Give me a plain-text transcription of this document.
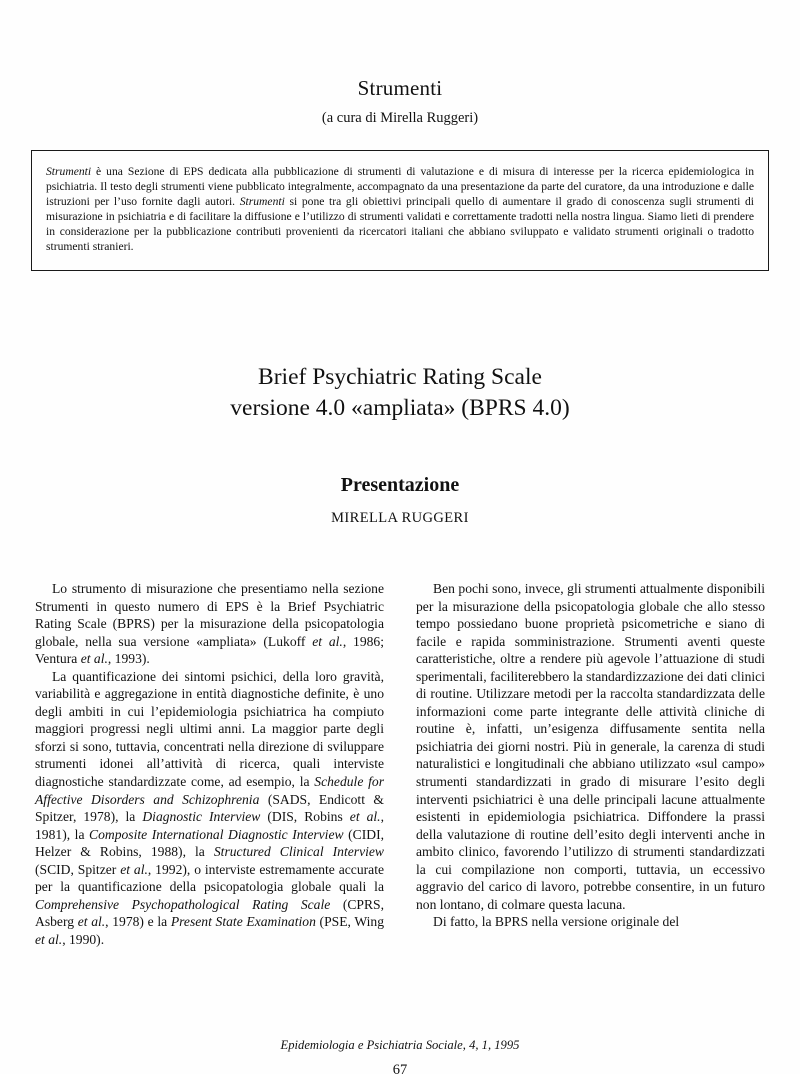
Strumenti
(a cura di Mirella Ruggeri)

Strumenti è una Sezione di EPS dedicata alla pubblicazione di strumenti di valutazione e di misura di interesse per la ricerca epidemiologica in psichiatria. Il testo degli strumenti viene pubblicato integralmente, accompagnato da una presentazione da parte del curatore, da una introduzione e dalle istruzioni per l’uso fornite dagli autori. Strumenti si pone tra gli obiettivi principali quello di aumentare il grado di conoscenza sugli strumenti di misurazione in psichiatria e di facilitare la diffusione e l’utilizzo di strumenti validati e correttamente tradotti nella nostra lingua. Siamo lieti di prendere in considerazione per la pubblicazione contributi provenienti da ricercatori italiani che abbiano sviluppato e validato strumenti originali o tradotto strumenti stranieri.

Brief Psychiatric Rating Scale
versione 4.0 «ampliata» (BPRS 4.0)
Presentazione
MIRELLA RUGGERI

Lo strumento di misurazione che presentiamo nella sezione Strumenti in questo numero di EPS è la Brief Psychiatric Rating Scale (BPRS) per la misurazione della psicopatologia globale, nella sua versione «ampliata» (Lukoff et al., 1986; Ventura et al., 1993).

La quantificazione dei sintomi psichici, della loro gravità, variabilità e aggregazione in entità diagnostiche definite, è uno degli ambiti in cui l’epidemiologia psichiatrica ha compiuto maggiori progressi negli ultimi anni. La maggior parte degli sforzi si sono, tuttavia, concentrati nella direzione di sviluppare strumenti idonei all’attività di ricerca, quali interviste diagnostiche standardizzate come, ad esempio, la Schedule for Affective Disorders and Schizophrenia (SADS, Endicott & Spitzer, 1978), la Diagnostic Interview (DIS, Robins et al., 1981), la Composite International Diagnostic Interview (CIDI, Helzer & Robins, 1988), la Structured Clinical Interview (SCID, Spitzer et al., 1992), o interviste estremamente accurate per la quantificazione della psicopatologia globale quali la Comprehensive Psychopathological Rating Scale (CPRS, Asberg et al., 1978) e la Present State Examination (PSE, Wing et al., 1990).

Ben pochi sono, invece, gli strumenti attualmente disponibili per la misurazione della psicopatologia globale che allo stesso tempo possiedano buone proprietà psicometriche e siano di facile e rapida somministrazione. Strumenti aventi queste caratteristiche, oltre a rendere più agevole l’attuazione di studi sperimentali, faciliterebbero la standardizzazione dei dati clinici di routine. Utilizzare metodi per la raccolta standardizzata delle informazioni come parte integrante delle attività cliniche di routine è, infatti, un’esigenza diffusamente sentita nella psichiatria dei giorni nostri. Più in generale, la carenza di studi naturalistici e longitudinali che abbiano utilizzato «sul campo» strumenti standardizzati in grado di misurare l’esito degli interventi psichiatrici è una delle principali lacune attualmente esistenti in epidemiologia psichiatrica. Diffondere la prassi della valutazione di routine dell’esito degli interventi anche in ambito clinico, favorendo l’utilizzo di strumenti standardizzati la cui compilazione non comporti, tuttavia, un eccessivo aggravio del carico di lavoro, potrebbe consentire, in un futuro non lontano, di colmare questa lacuna.

Di fatto, la BPRS nella versione originale del

Epidemiologia e Psichiatria Sociale, 4, 1, 1995
67
